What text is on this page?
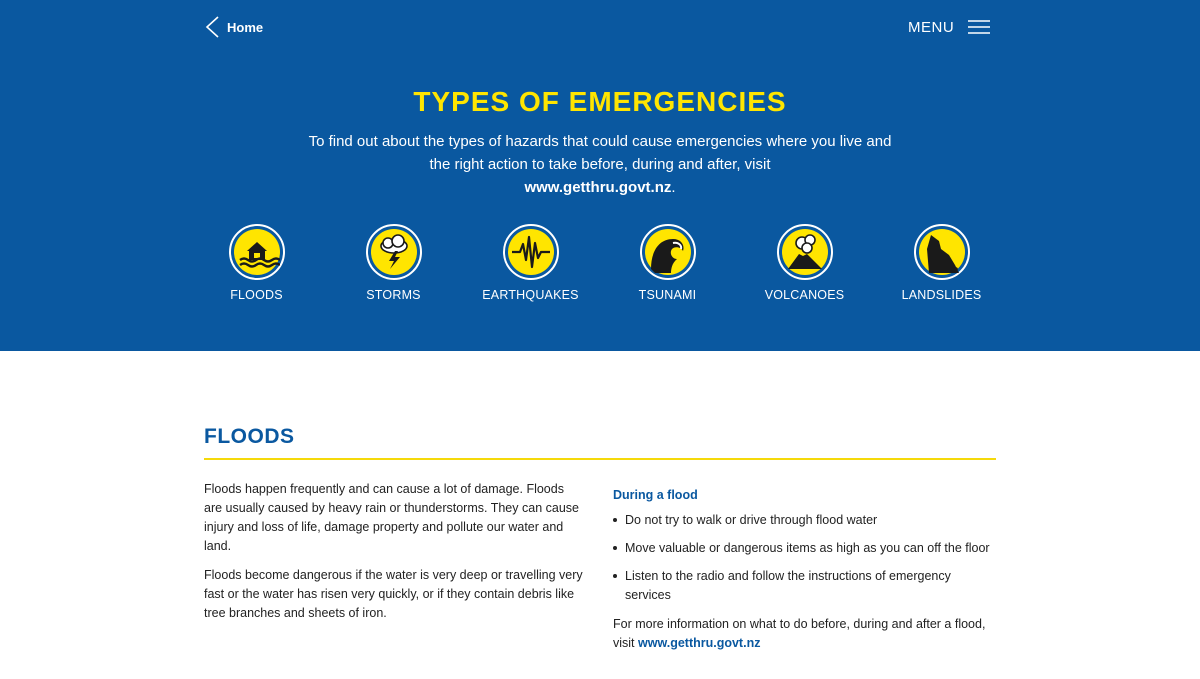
Home	MENU
TYPES OF EMERGENCIES

To find out about the types of hazards that could cause emergencies where you live and the right action to take before, during and after, visit
www.getthru.govt.nz.

FLOODS	STORMS	EARTHQUAKES	TSUNAMI	VOLCANOES	LANDSLIDES
FLOODS

Floods happen frequently and can cause a lot of damage. Floods are usually caused by heavy rain or thunderstorms. They can cause injury and loss of life, damage property and pollute our water and land.

Floods become dangerous if the water is very deep or travelling very fast or the water has risen very quickly, or if they contain debris like tree branches and sheets of iron.

During a flood
Do not try to walk or drive through flood water
Move valuable or dangerous items as high as you can off the floor
Listen to the radio and follow the instructions of emergency services

For more information on what to do before, during and after a flood, visit www.getthru.govt.nz
